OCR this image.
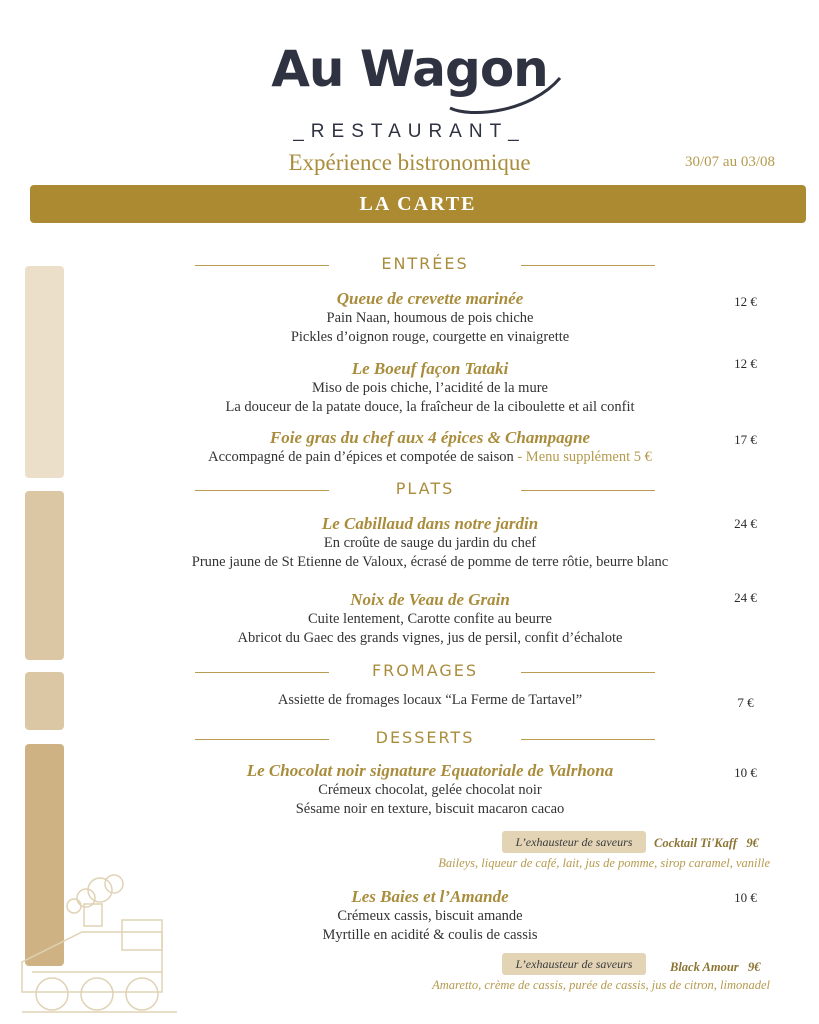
Au Wagon
_RESTAURANT_
Expérience bistronomique	30/07 au 03/08
LA CARTE
ENTRÉES
Queue de crevette marinée
Pain Naan, houmous de pois chiche
Pickles d’oignon rouge, courgette en vinaigrette
12 €
Le Boeuf façon Tataki
Miso de pois chiche, l’acidité de la mure
La douceur de la patate douce, la fraîcheur de la ciboulette et ail confit
12 €
Foie gras du chef aux 4 épices & Champagne
Accompagné de pain d’épices et compotée de saison - Menu supplément 5 €
17 €
PLATS
Le Cabillaud dans notre jardin
En croûte de sauge du jardin du chef
Prune jaune de St Etienne de Valoux, écrasé de pomme de terre rôtie, beurre blanc
24 €
Noix de Veau de Grain
Cuite lentement, Carotte confite au beurre
Abricot du Gaec des grands vignes, jus de persil, confit d’échalote
24 €
FROMAGES
Assiette de fromages locaux “La Ferme de Tartavel”	7 €
DESSERTS
Le Chocolat noir signature Equatoriale de Valrhona
Crémeux chocolat, gelée chocolat noir
Sésame noir en texture, biscuit macaron cacao
10 €
L’exhausteur de saveurs	Cocktail Ti'Kaff   9€
Baileys, liqueur de café, lait, jus de pomme, sirop caramel, vanille
Les Baies et l’Amande
Crémeux cassis, biscuit amande
Myrtille en acidité & coulis de cassis
10 €
L’exhausteur de saveurs	Black Amour   9€
Amaretto, crème de cassis, purée de cassis, jus de citron, limonadel
